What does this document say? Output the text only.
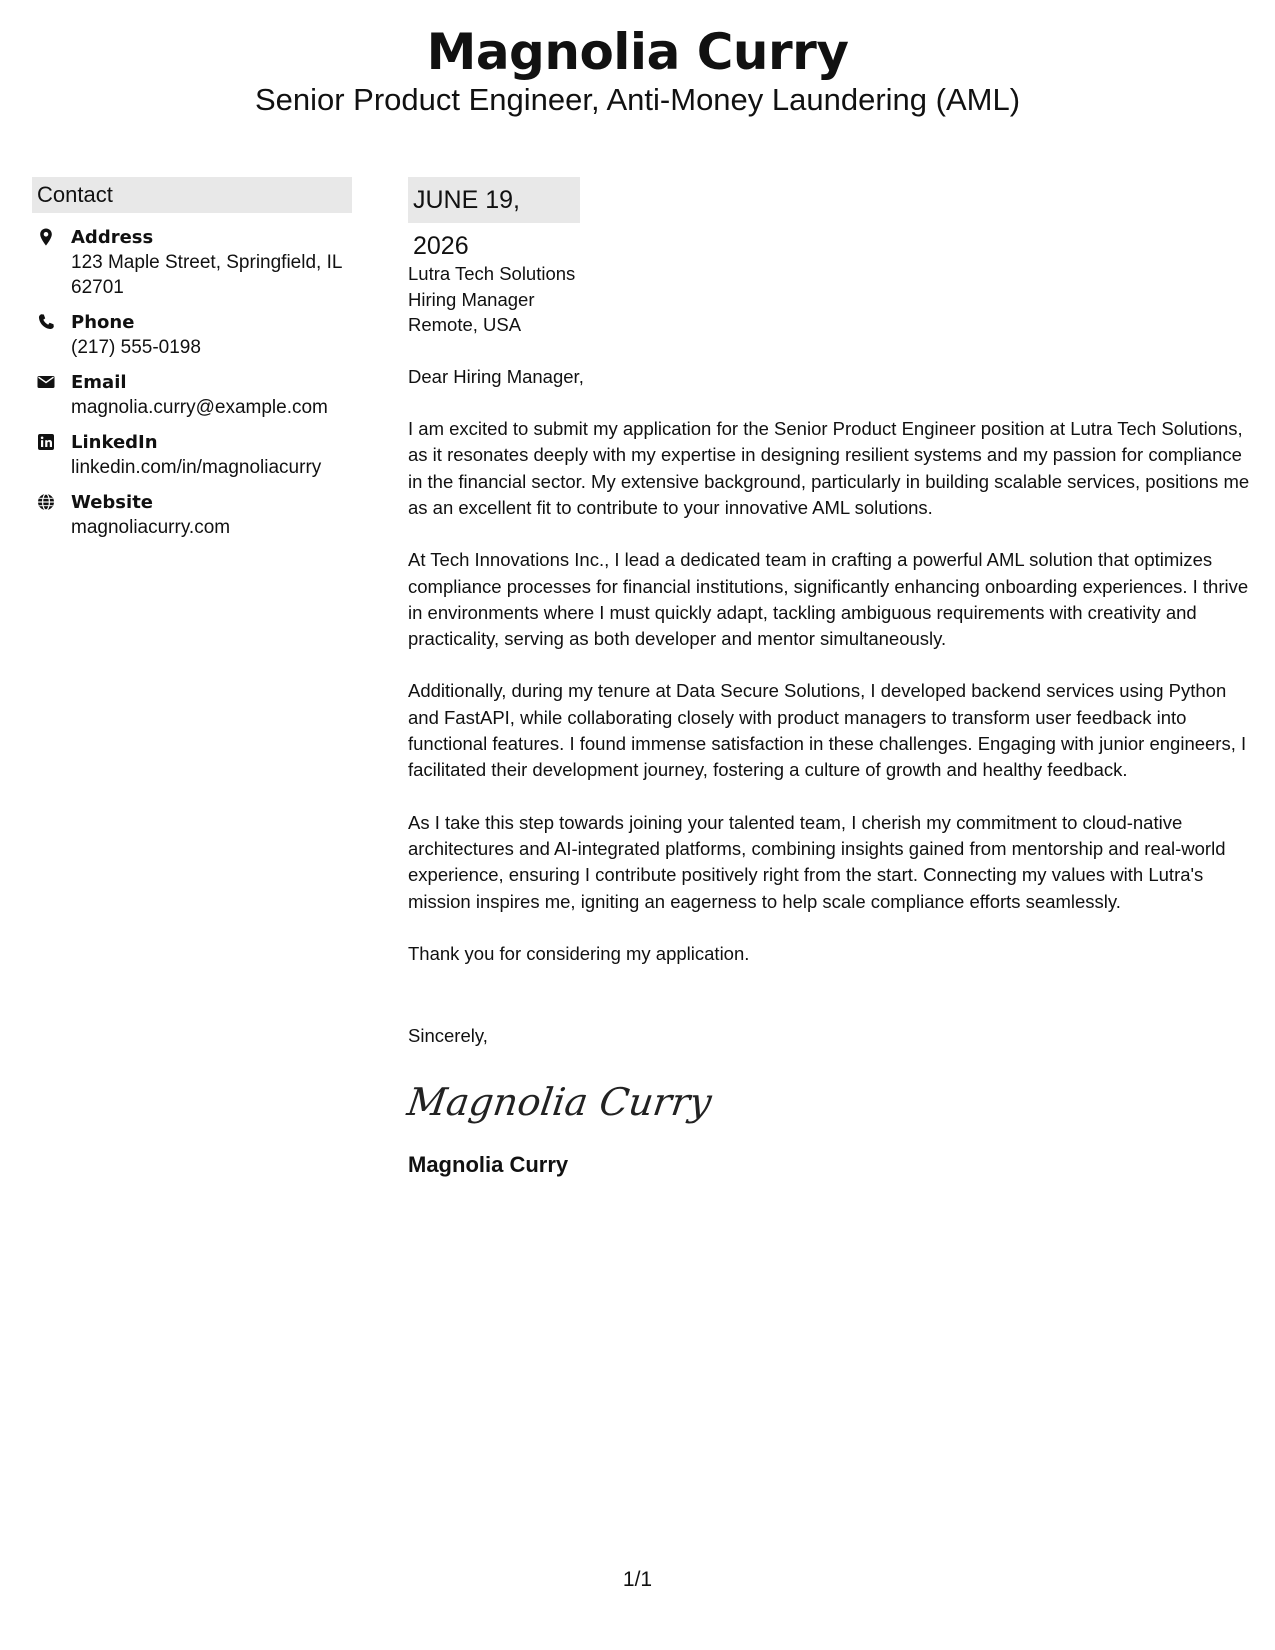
Magnolia Curry
Senior Product Engineer, Anti-Money Laundering (AML)
Contact
Address
123 Maple Street, Springfield, IL 62701
Phone
(217) 555-0198
Email
magnolia.curry@example.com
LinkedIn
linkedin.com/in/magnoliacurry
Website
magnoliacurry.com
JUNE 19, 2026
Lutra Tech Solutions
Hiring Manager
Remote, USA
Dear Hiring Manager,
I am excited to submit my application for the Senior Product Engineer position at Lutra Tech Solutions, as it resonates deeply with my expertise in designing resilient systems and my passion for compliance in the financial sector. My extensive background, particularly in building scalable services, positions me as an excellent fit to contribute to your innovative AML solutions.
At Tech Innovations Inc., I lead a dedicated team in crafting a powerful AML solution that optimizes compliance processes for financial institutions, significantly enhancing onboarding experiences. I thrive in environments where I must quickly adapt, tackling ambiguous requirements with creativity and practicality, serving as both developer and mentor simultaneously.
Additionally, during my tenure at Data Secure Solutions, I developed backend services using Python and FastAPI, while collaborating closely with product managers to transform user feedback into functional features. I found immense satisfaction in these challenges. Engaging with junior engineers, I facilitated their development journey, fostering a culture of growth and healthy feedback.
As I take this step towards joining your talented team, I cherish my commitment to cloud-native architectures and AI-integrated platforms, combining insights gained from mentorship and real-world experience, ensuring I contribute positively right from the start. Connecting my values with Lutra's mission inspires me, igniting an eagerness to help scale compliance efforts seamlessly.
Thank you for considering my application.
Sincerely,
Magnolia Curry
Magnolia Curry
1/1
